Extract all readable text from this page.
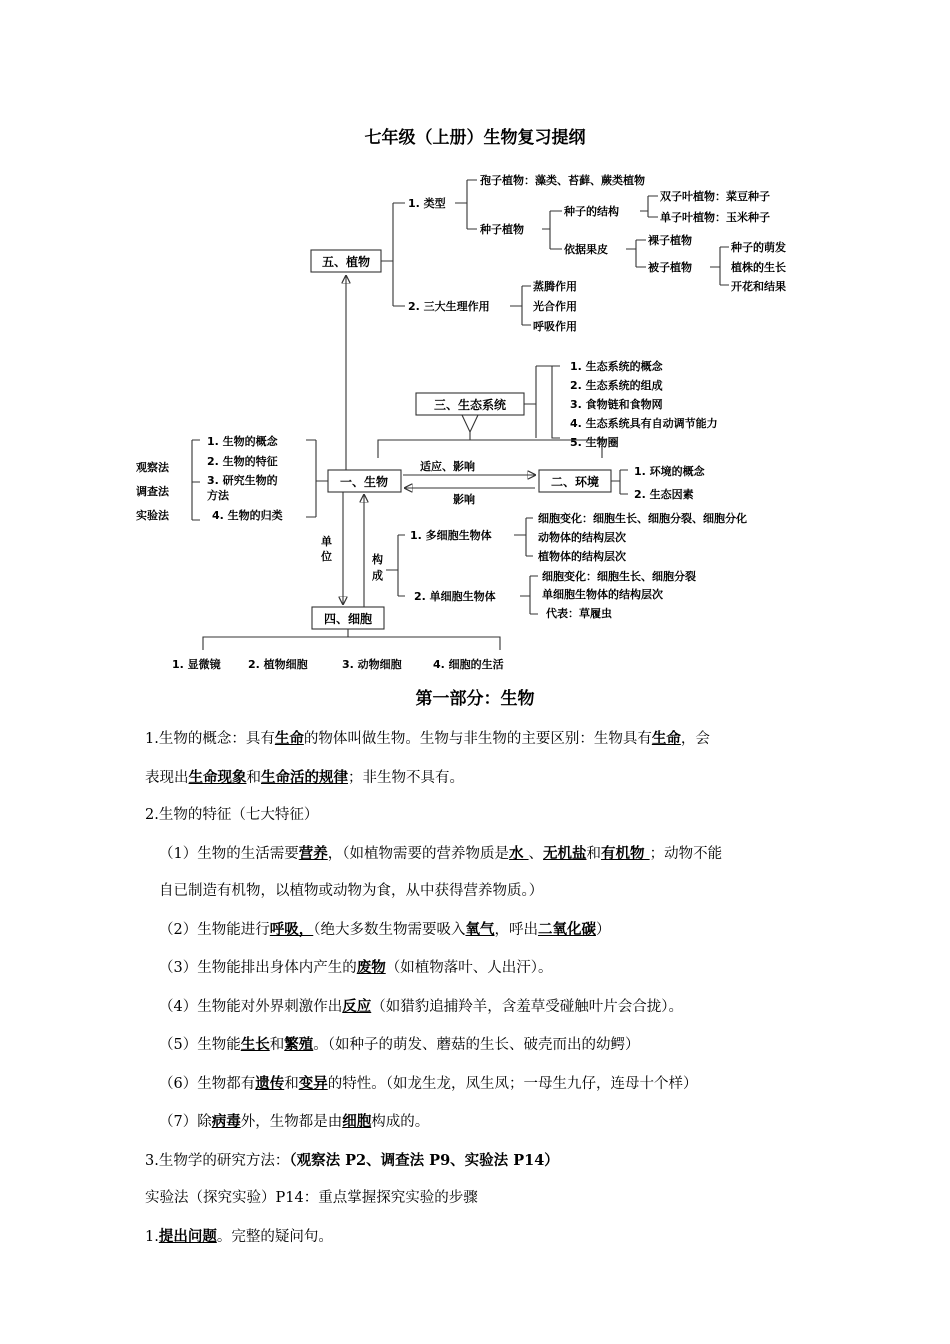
七年级（上册）生物复习提纲
五、植物
三、生态系统
一、生物	二、环境
四、细胞
1. 类型
孢子植物：藻类、苔藓、蕨类植物
种子植物
种子的结构
双子叶植物：菜豆种子
单子叶植物：玉米种子
依据果皮
裸子植物
被子植物
种子的萌发
植株的生长
开花和结果
2. 三大生理作用
蒸腾作用
光合作用
呼吸作用
1. 生态系统的概念
2. 生态系统的组成
3. 食物链和食物网
4. 生态系统具有自动调节能力
5. 生物圈
1. 生物的概念
2. 生物的特征
3. 研究生物的
方法
4. 生物的归类
观察法
调查法
实验法
适应、影响
影响
1. 环境的概念
2. 生态因素
单
位	构
成
1. 多细胞生物体
2. 单细胞生物体
细胞变化：细胞生长、细胞分裂、细胞分化
动物体的结构层次
植物体的结构层次
细胞变化：细胞生长、细胞分裂
单细胞生物体的结构层次
代表：草履虫
1. 显微镜 2. 植物细胞	3. 动物细胞	4. 细胞的生活
第一部分：生物

1.生物的概念：具有生命的物体叫做生物。生物与非生物的主要区别：生物具有生命，会

表现出生命现象和生命活的规律；非生物不具有。

2.生物的特征（七大特征）

（1）生物的生活需要营养，（如植物需要的营养物质是水 、无机盐和有机物 ；动物不能

自已制造有机物，以植物或动物为食，从中获得营养物质。）

（2）生物能进行呼吸，（绝大多数生物需要吸入氧气，呼出二氧化碳）

（3）生物能排出身体内产生的废物（如植物落叶、人出汗）。

（4）生物能对外界刺激作出反应（如猎豹追捕羚羊，含羞草受碰触叶片会合拢）。

（5）生物能生长和繁殖。（如种子的萌发、蘑菇的生长、破壳而出的幼鳄）

（6）生物都有遗传和变异的特性。（如龙生龙，凤生凤；一母生九仔，连母十个样）

（7）除病毒外，生物都是由细胞构成的。

3.生物学的研究方法：（观察法 P2、调查法 P9、实验法 P14）

实验法（探究实验）P14：重点掌握探究实验的步骤

1.提出问题。完整的疑问句。
